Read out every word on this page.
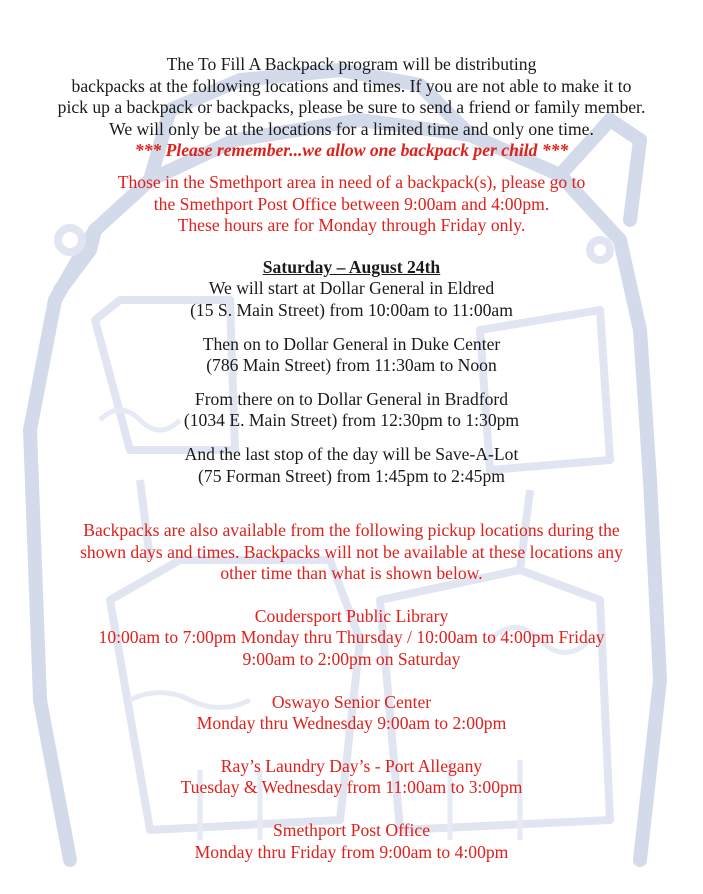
The To Fill A Backpack program will be distributing
backpacks at the following locations and times. If you are not able to make it to
pick up a backpack or backpacks, please be sure to send a friend or family member.
We will only be at the locations for a limited time and only one time.
*** Please remember...we allow one backpack per child ***
Those in the Smethport area in need of a backpack(s), please go to
the Smethport Post Office between 9:00am and 4:00pm.
These hours are for Monday through Friday only.
Saturday – August 24th
We will start at Dollar General in Eldred
(15 S. Main Street) from 10:00am to 11:00am
Then on to Dollar General in Duke Center
(786 Main Street) from 11:30am to Noon
From there on to Dollar General in Bradford
(1034 E. Main Street) from 12:30pm to 1:30pm
And the last stop of the day will be Save-A-Lot
(75 Forman Street) from 1:45pm to 2:45pm
Backpacks are also available from the following pickup locations during the
shown days and times. Backpacks will not be available at these locations any
other time than what is shown below.
Coudersport Public Library
10:00am to 7:00pm Monday thru Thursday / 10:00am to 4:00pm Friday
9:00am to 2:00pm on Saturday
Oswayo Senior Center
Monday thru Wednesday 9:00am to 2:00pm
Ray’s Laundry Day’s - Port Allegany
Tuesday & Wednesday from 11:00am to 3:00pm
Smethport Post Office
Monday thru Friday from 9:00am to 4:00pm
